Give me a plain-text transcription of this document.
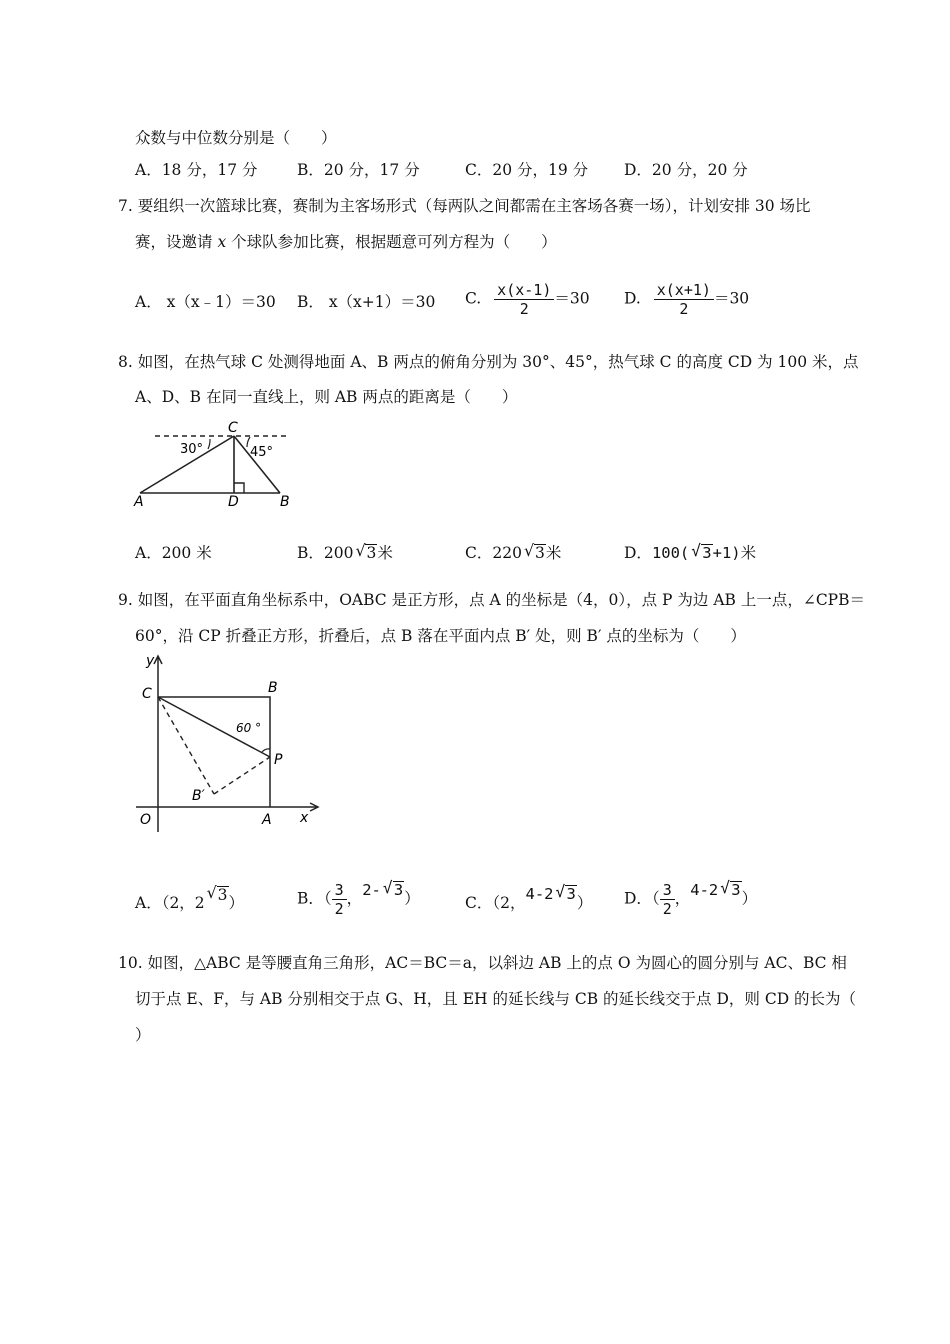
众数与中位数分别是（　　）
A．18 分，17 分	B．20 分，17 分	C．20 分，19 分 D．20 分，20 分
7. 要组织一次篮球比赛，赛制为主客场形式（每两队之间都需在主客场各赛一场），计划安排 30 场比
赛，设邀请 x 个球队参加比赛，根据题意可列方程为（　　）
A． x（x﹣1）＝30 B． x（x+1）＝30 C. $\frac{x(x-1)}{2} =30$ D. $\frac{x(x+1)}{2} =30$
8. 如图，在热气球 C 处测得地面 A、B 两点的俯角分别为 30°、45°，热气球 C 的高度 CD 为 100 米，点
A、D、B 在同一直线上，则 AB 两点的距离是（　　）
C
30°	45°
A	D	B
A．200 米	B．200 √ 3米	C．220 √ 3米	D．100( √ 3+1)米
9. 如图，在平面直角坐标系中，OABC 是正方形，点 A 的坐标是（4，0），点 P 为边 AB 上一点，∠CPB＝
60°，沿 CP 折叠正方形，折叠后，点 B 落在平面内点 B′ 处，则 B′ 点的坐标为（　　）
y
C	B
60 °
P
B′
O	A x
A．（2，2 √ 3）	B．（ $\frac{3}{2}$ ，2- √ 3）	C．（2，4-2 √ 3） D．（ $\frac{3}{2}$ ，4-2 √ 3）
10. 如图，△ABC 是等腰直角三角形，AC＝BC＝a，以斜边 AB 上的点 O 为圆心的圆分别与 AC、BC 相
切于点 E、F，与 AB 分别相交于点 G、H，且 EH 的延长线与 CB 的延长线交于点 D，则 CD 的长为（
）
